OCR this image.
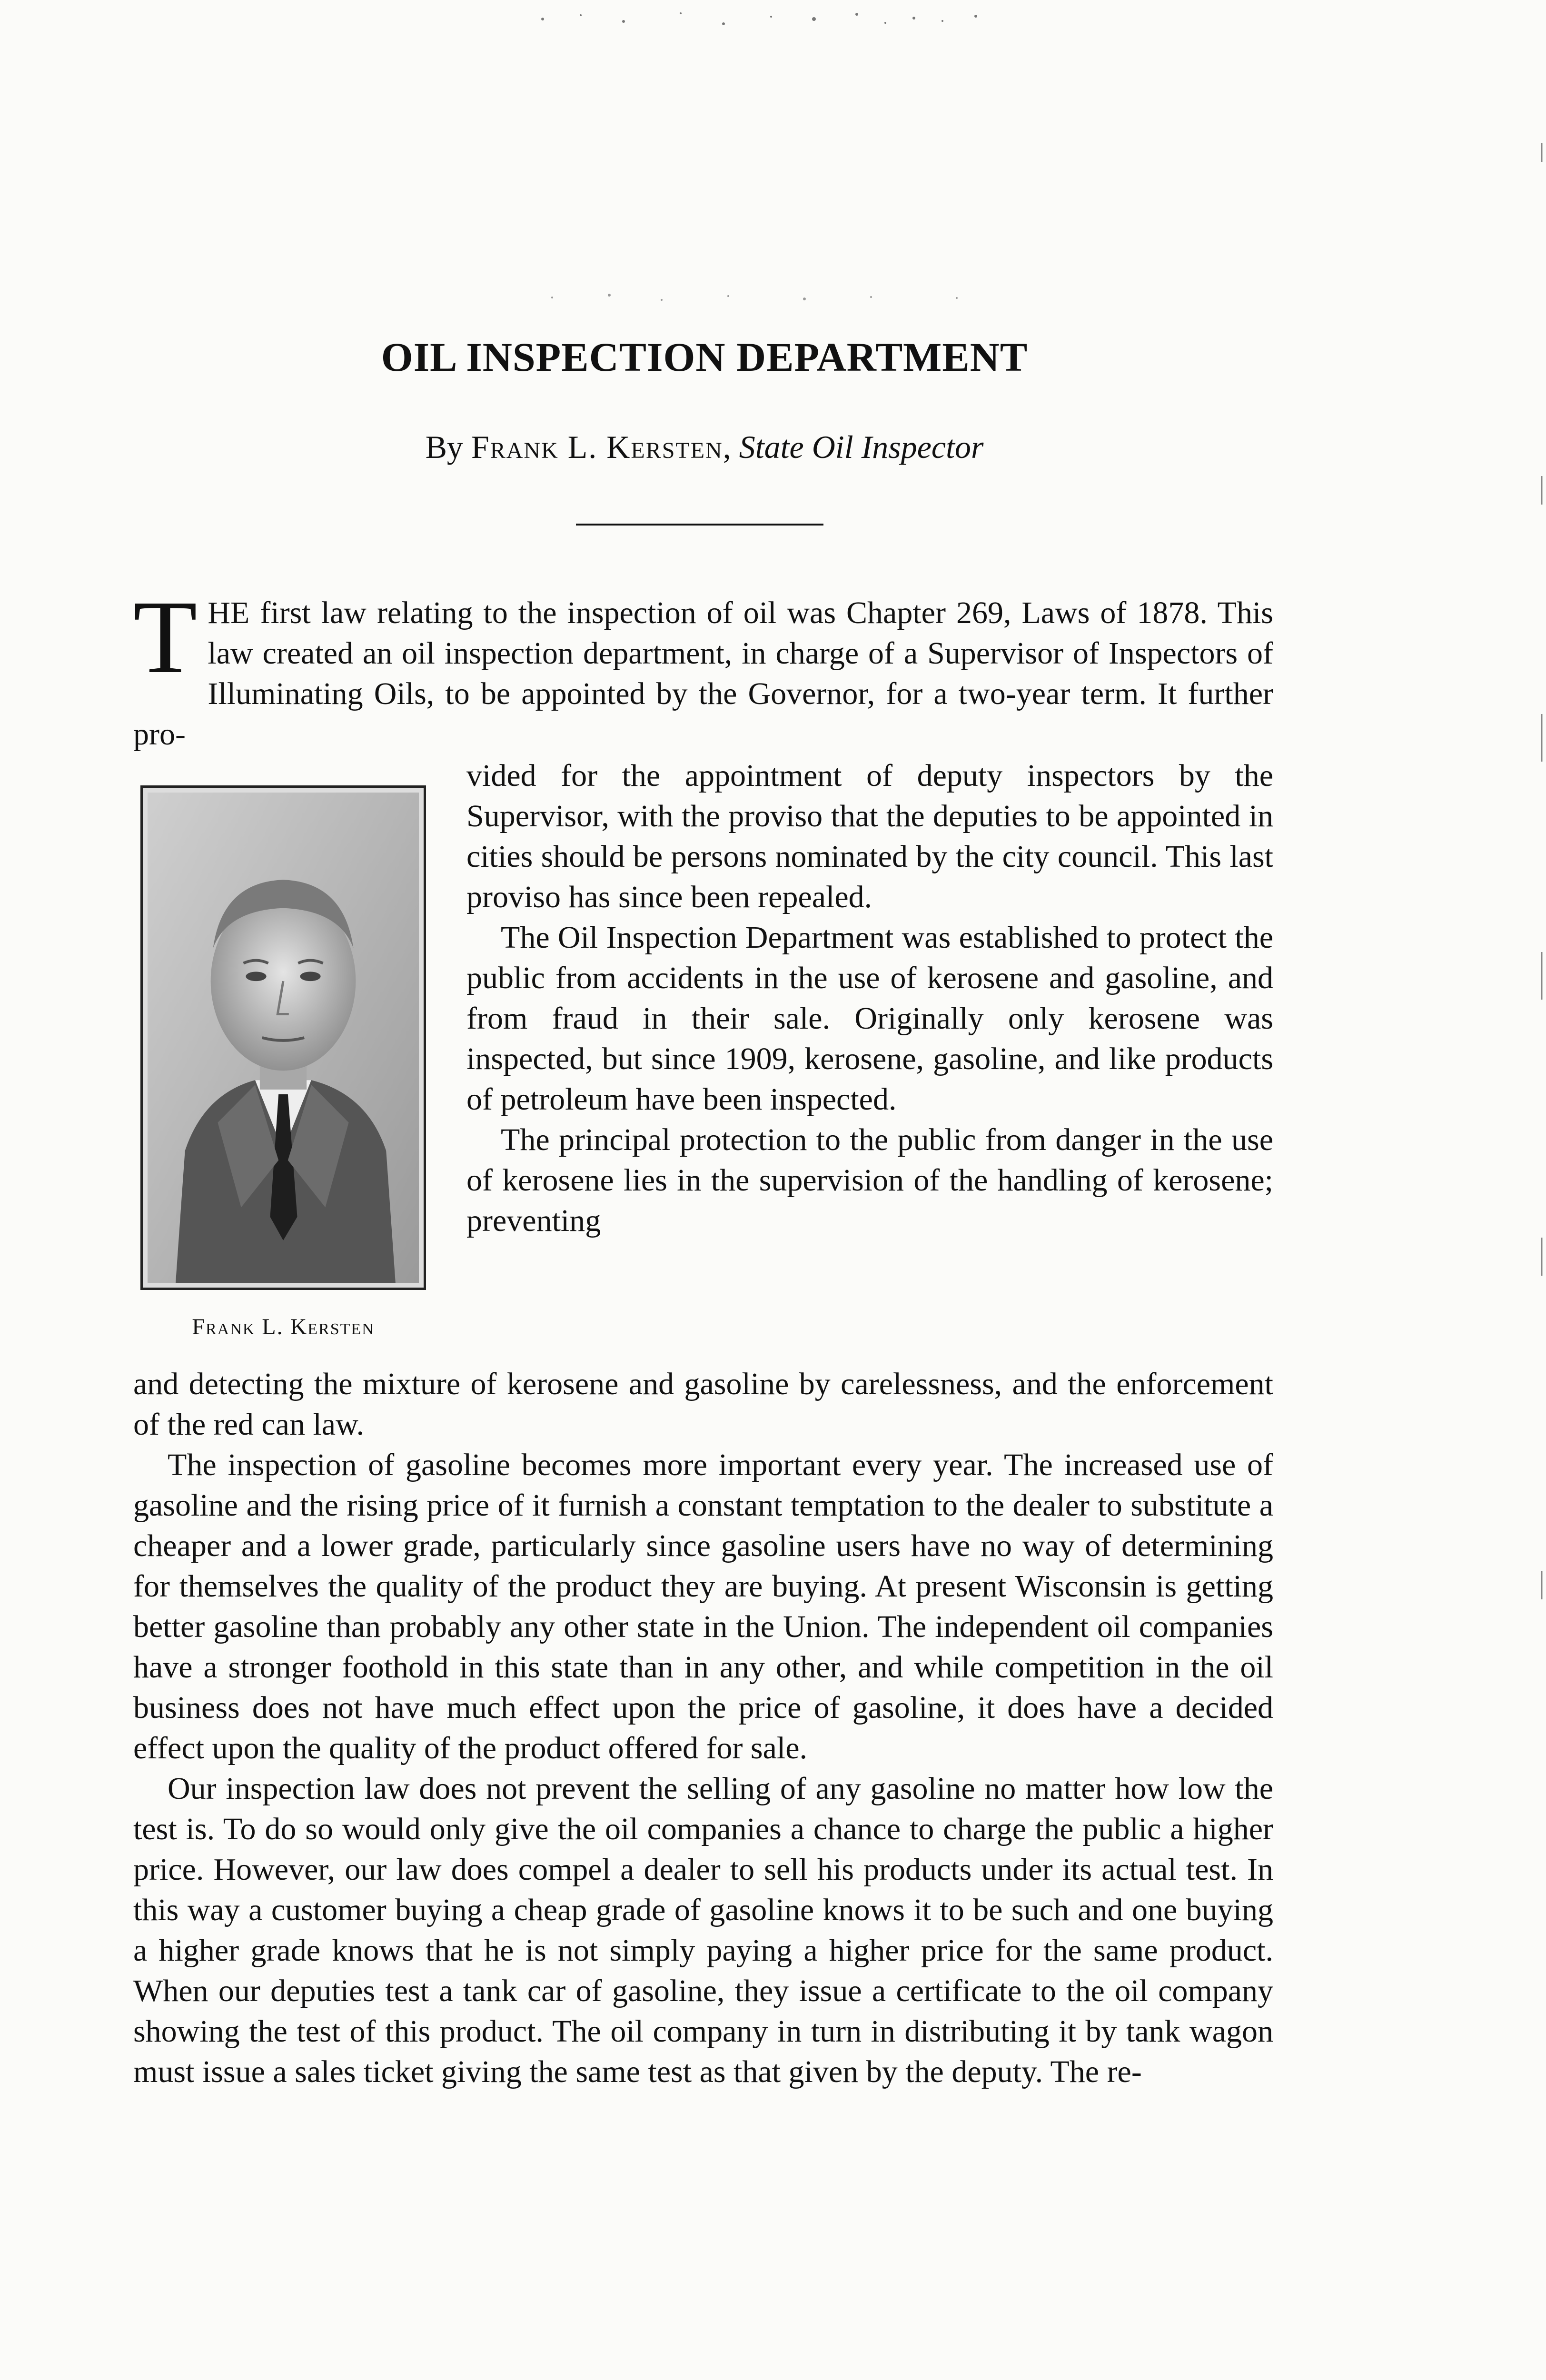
OIL INSPECTION DEPARTMENT

By Frank L. Kersten, State Oil Inspector

THE first law relating to the inspection of oil was Chapter 269, Laws of 1878. This law created an oil inspection department, in charge of a Supervisor of Inspectors of Illuminating Oils, to be appointed by the Governor, for a two-year term. It further pro-

Frank L. Kersten

vided for the appointment of deputy inspectors by the Supervisor, with the proviso that the deputies to be appointed in cities should be persons nominated by the city council. This last proviso has since been repealed.

The Oil Inspection Department was established to protect the public from accidents in the use of kerosene and gasoline, and from fraud in their sale. Originally only kerosene was inspected, but since 1909, kerosene, gasoline, and like products of petroleum have been inspected.

The principal protection to the public from danger in the use of kerosene lies in the supervision of the handling of kerosene; preventing

and detecting the mixture of kerosene and gasoline by carelessness, and the enforcement of the red can law.

The inspection of gasoline becomes more important every year. The increased use of gasoline and the rising price of it furnish a constant temptation to the dealer to substitute a cheaper and a lower grade, particularly since gasoline users have no way of determining for themselves the quality of the product they are buying. At present Wisconsin is getting better gasoline than probably any other state in the Union. The independent oil companies have a stronger foothold in this state than in any other, and while competition in the oil business does not have much effect upon the price of gasoline, it does have a decided effect upon the quality of the product offered for sale.

Our inspection law does not prevent the selling of any gasoline no matter how low the test is. To do so would only give the oil companies a chance to charge the public a higher price. However, our law does compel a dealer to sell his products under its actual test. In this way a customer buying a cheap grade of gasoline knows it to be such and one buying a higher grade knows that he is not simply paying a higher price for the same product. When our deputies test a tank car of gasoline, they issue a certificate to the oil company showing the test of this product. The oil company in turn in distributing it by tank wagon must issue a sales ticket giving the same test as that given by the deputy. The re-
